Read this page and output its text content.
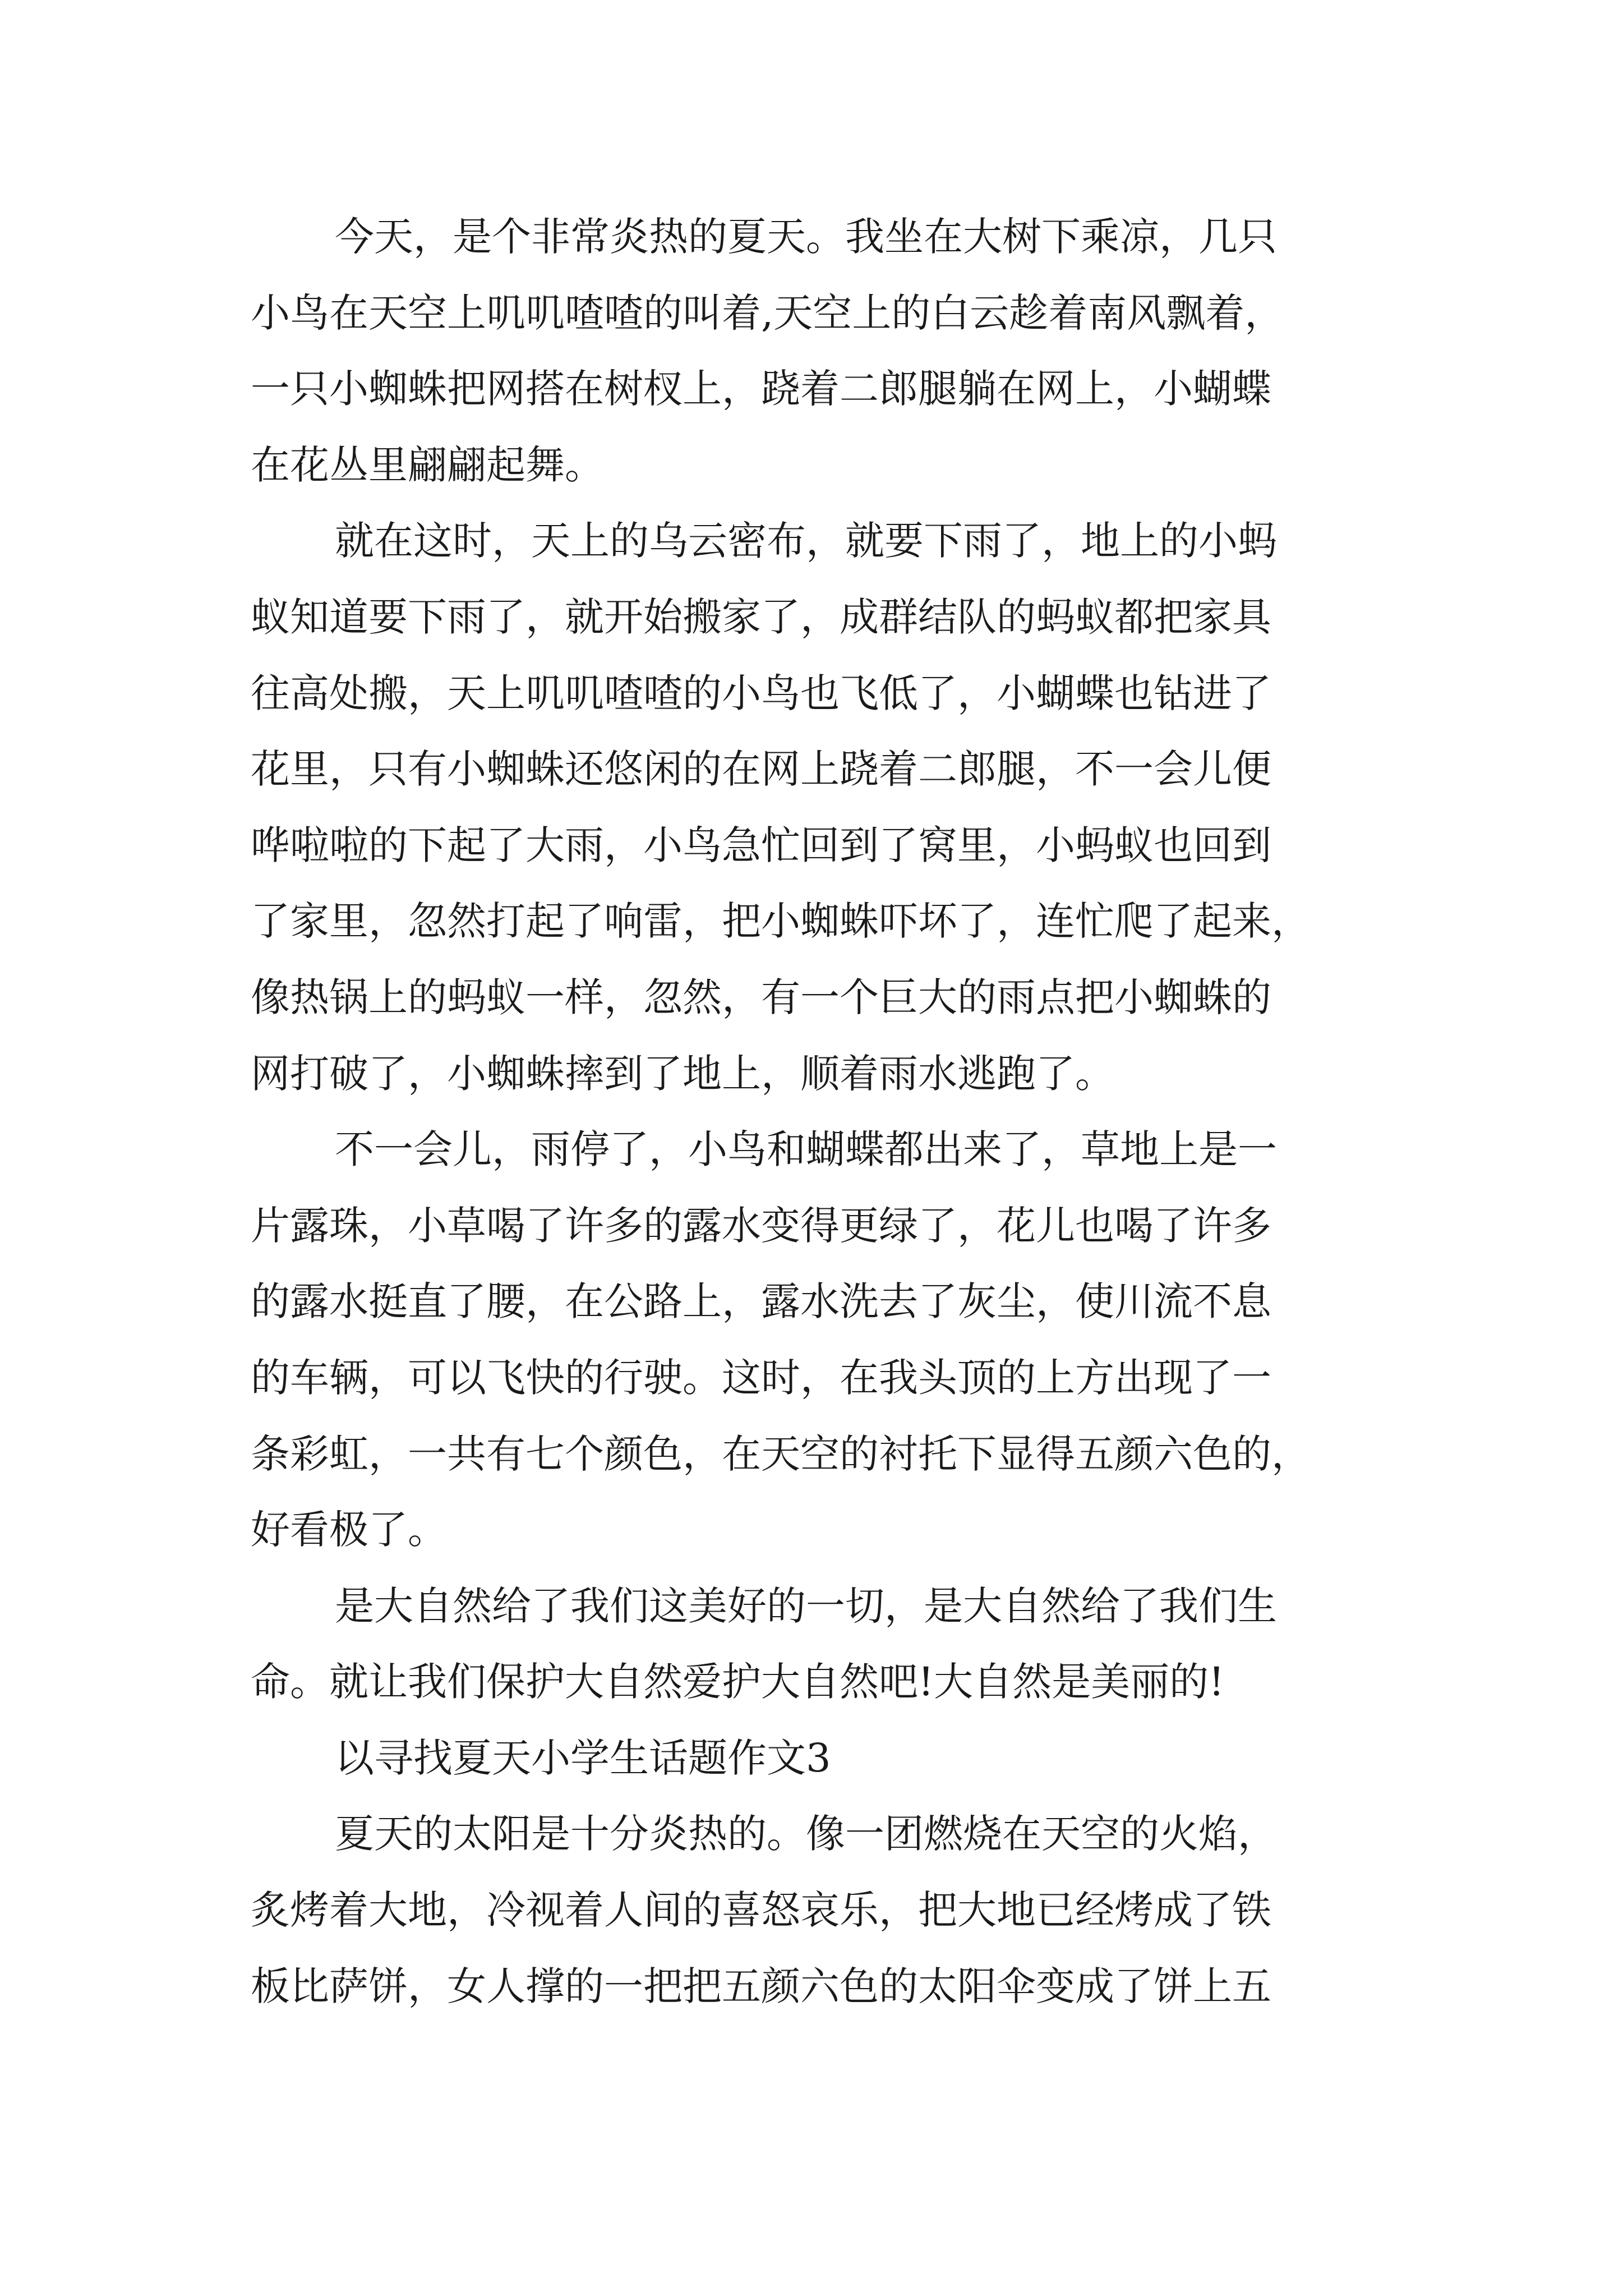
今天，是个非常炎热的夏天。我坐在大树下乘凉，几只
小鸟在天空上叽叽喳喳的叫着,天空上的白云趁着南风飘着，
一只小蜘蛛把网搭在树杈上，跷着二郎腿躺在网上，小蝴蝶
在花丛里翩翩起舞。
就在这时，天上的乌云密布，就要下雨了，地上的小蚂
蚁知道要下雨了，就开始搬家了，成群结队的蚂蚁都把家具
往高处搬，天上叽叽喳喳的小鸟也飞低了，小蝴蝶也钻进了
花里，只有小蜘蛛还悠闲的在网上跷着二郎腿，不一会儿便
哗啦啦的下起了大雨，小鸟急忙回到了窝里，小蚂蚁也回到
了家里，忽然打起了响雷，把小蜘蛛吓坏了，连忙爬了起来，
像热锅上的蚂蚁一样，忽然，有一个巨大的雨点把小蜘蛛的
网打破了，小蜘蛛摔到了地上，顺着雨水逃跑了。
不一会儿，雨停了，小鸟和蝴蝶都出来了，草地上是一
片露珠，小草喝了许多的露水变得更绿了，花儿也喝了许多
的露水挺直了腰，在公路上，露水洗去了灰尘，使川流不息
的车辆，可以飞快的行驶。这时，在我头顶的上方出现了一
条彩虹，一共有七个颜色，在天空的衬托下显得五颜六色的，
好看极了。
是大自然给了我们这美好的一切，是大自然给了我们生
命。就让我们保护大自然爱护大自然吧!大自然是美丽的!
以寻找夏天小学生话题作文3
夏天的太阳是十分炎热的。像一团燃烧在天空的火焰，
炙烤着大地，冷视着人间的喜怒哀乐，把大地已经烤成了铁
板比萨饼，女人撑的一把把五颜六色的太阳伞变成了饼上五
